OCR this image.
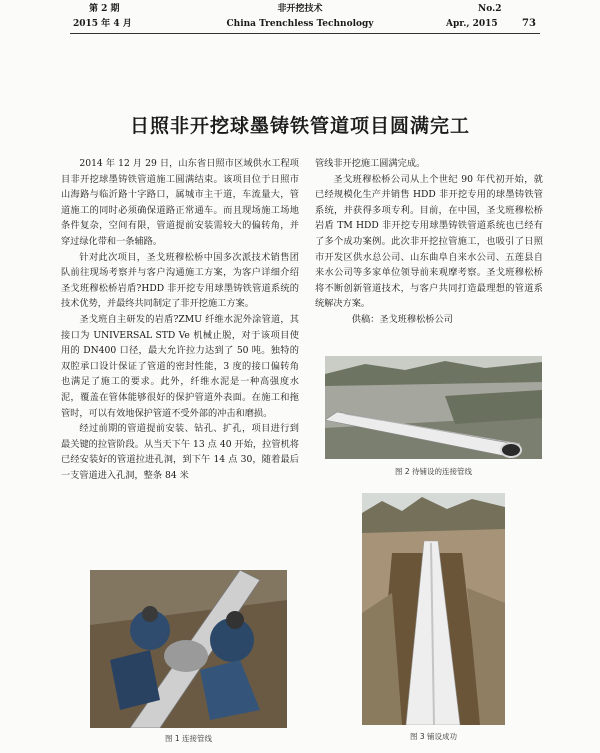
第 2 期
2015 年 4 月
非开挖技术
China Trenchless Technology
No.2
Apr., 2015 73
日照非开挖球墨铸铁管道项目圆满完工

2014 年 12 月 29 日，山东省日照市区域供水工程项目非开挖球墨铸铁管道施工圆满结束。该项目位于日照市山海路与临沂路十字路口，属城市主干道，车流量大，管道施工的同时必须确保道路正常通车。而且现场施工场地条件复杂，空间有限，管道提前安装需较大的偏转角，并穿过绿化带和一条辅路。

针对此次项目，圣戈班穆松桥中国多次派技术销售团队前往现场考察并与客户沟通施工方案，为客户详细介绍圣戈班穆松桥岩盾?HDD 非开挖专用球墨铸铁管道系统的技术优势，并最终共同制定了非开挖施工方案。

圣戈班自主研发的岩盾?ZMU 纤维水泥外涂管道，其接口为 UNIVERSAL STD Ve 机械止脱，对于该项目使用的 DN400 口径，最大允许拉力达到了 50 吨。独特的双腔承口设计保证了管道的密封性能，3 度的接口偏转角也满足了施工的要求。此外，纤维水泥是一种高强度水泥，覆盖在管体能够很好的保护管道外表面。在施工和拖管时，可以有效地保护管道不受外部的冲击和磨损。

经过前期的管道提前安装、钻孔、扩孔，项目进行到最关键的拉管阶段。从当天下午 13 点 40 开始，拉管机将已经安装好的管道拉进孔洞，到下午 14 点 30，随着最后一支管道进入孔洞，整条 84 米

管线非开挖施工圆满完成。

圣戈班穆松桥公司从上个世纪 90 年代初开始，就已经规模化生产并销售 HDD 非开挖专用的球墨铸铁管系统，并获得多项专利。目前，在中国，圣戈班穆松桥岩盾 TM HDD 非开挖专用球墨铸铁管道系统也已经有了多个成功案例。此次非开挖拉管施工，也吸引了日照市开发区供水总公司、山东曲阜自来水公司、五莲县自来水公司等多家单位领导前来观摩考察。圣戈班穆松桥将不断创新管道技术，与客户共同打造最理想的管道系统解决方案。

供稿：圣戈班穆松桥公司

图 2 待铺设的连接管线
图 3 铺设成功
图 1 连接管线
